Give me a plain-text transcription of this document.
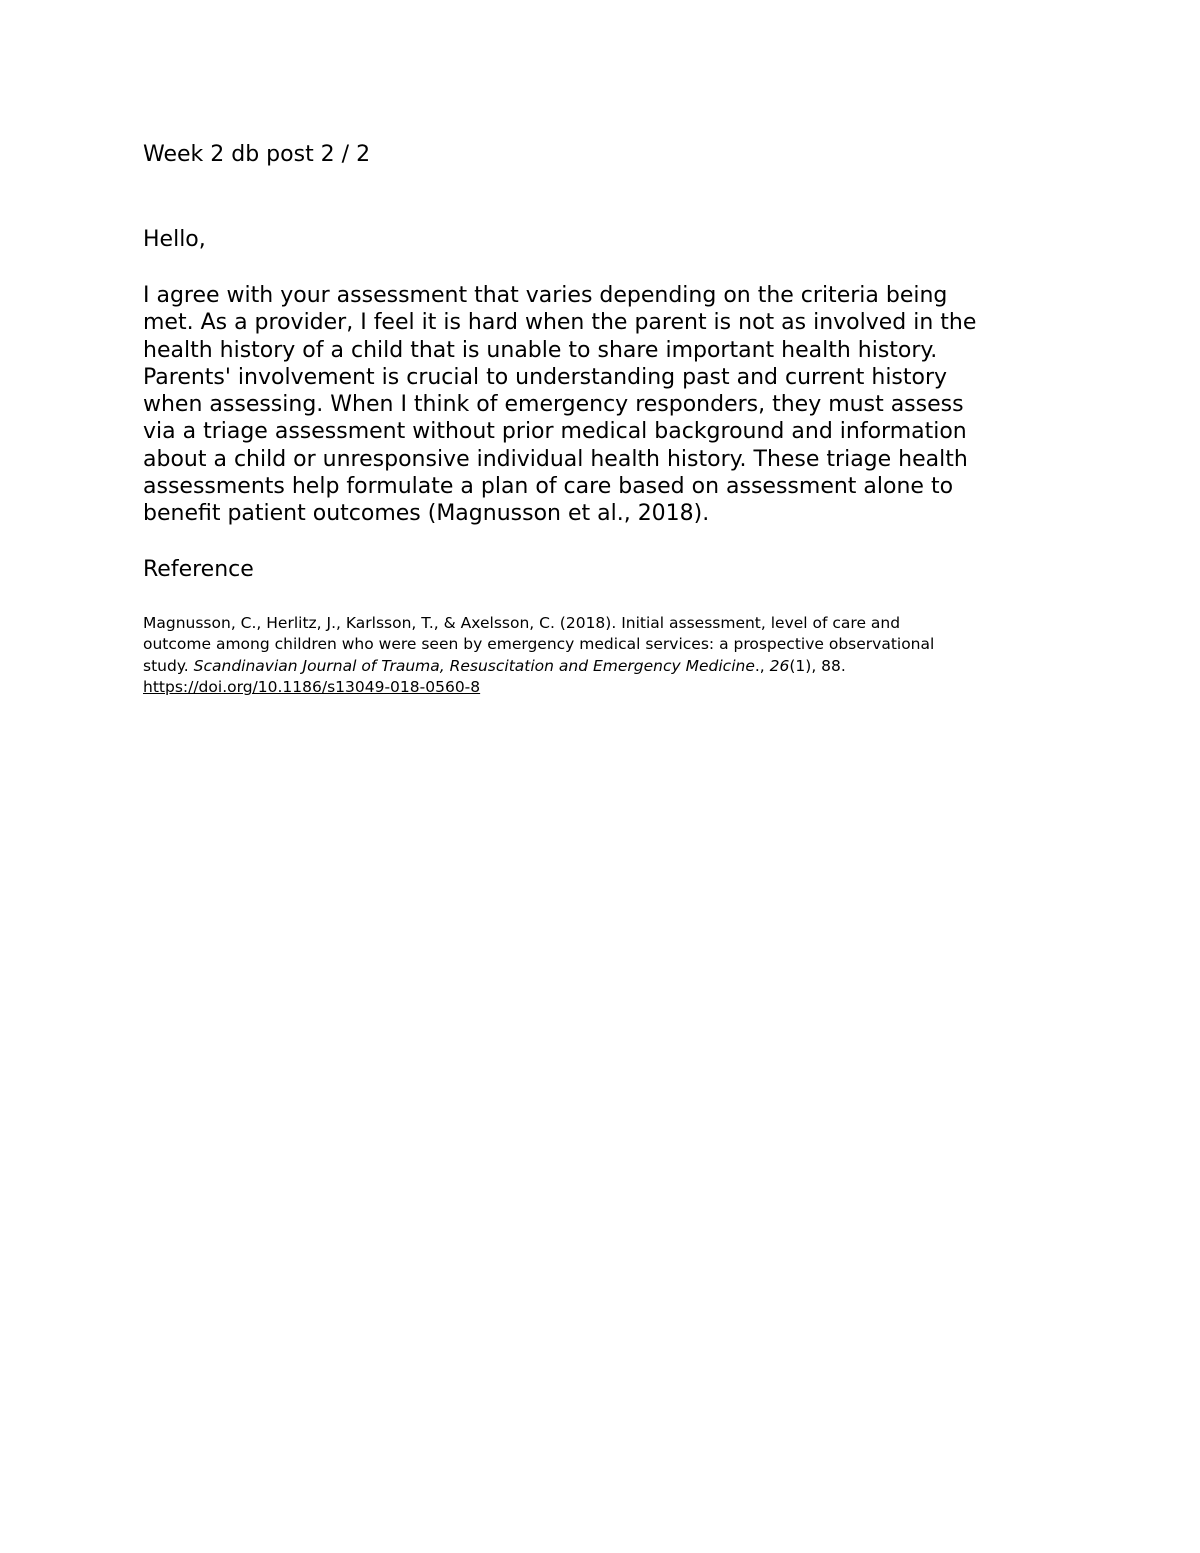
Week 2 db post 2 / 2
Hello,
I agree with your assessment that varies depending on the criteria being
met. As a provider, I feel it is hard when the parent is not as involved in the
health history of a child that is unable to share important health history.
Parents' involvement is crucial to understanding past and current history
when assessing. When I think of emergency responders, they must assess
via a triage assessment without prior medical background and information
about a child or unresponsive individual health history. These triage health
assessments help formulate a plan of care based on assessment alone to
benefit patient outcomes (Magnusson et al., 2018).
Reference
Magnusson, C., Herlitz, J., Karlsson, T., & Axelsson, C. (2018). Initial assessment, level of care and
outcome among children who were seen by emergency medical services: a prospective observational
study. Scandinavian Journal of Trauma, Resuscitation and Emergency Medicine., 26(1), 88.
https://doi.org/10.1186/s13049-018-0560-8
